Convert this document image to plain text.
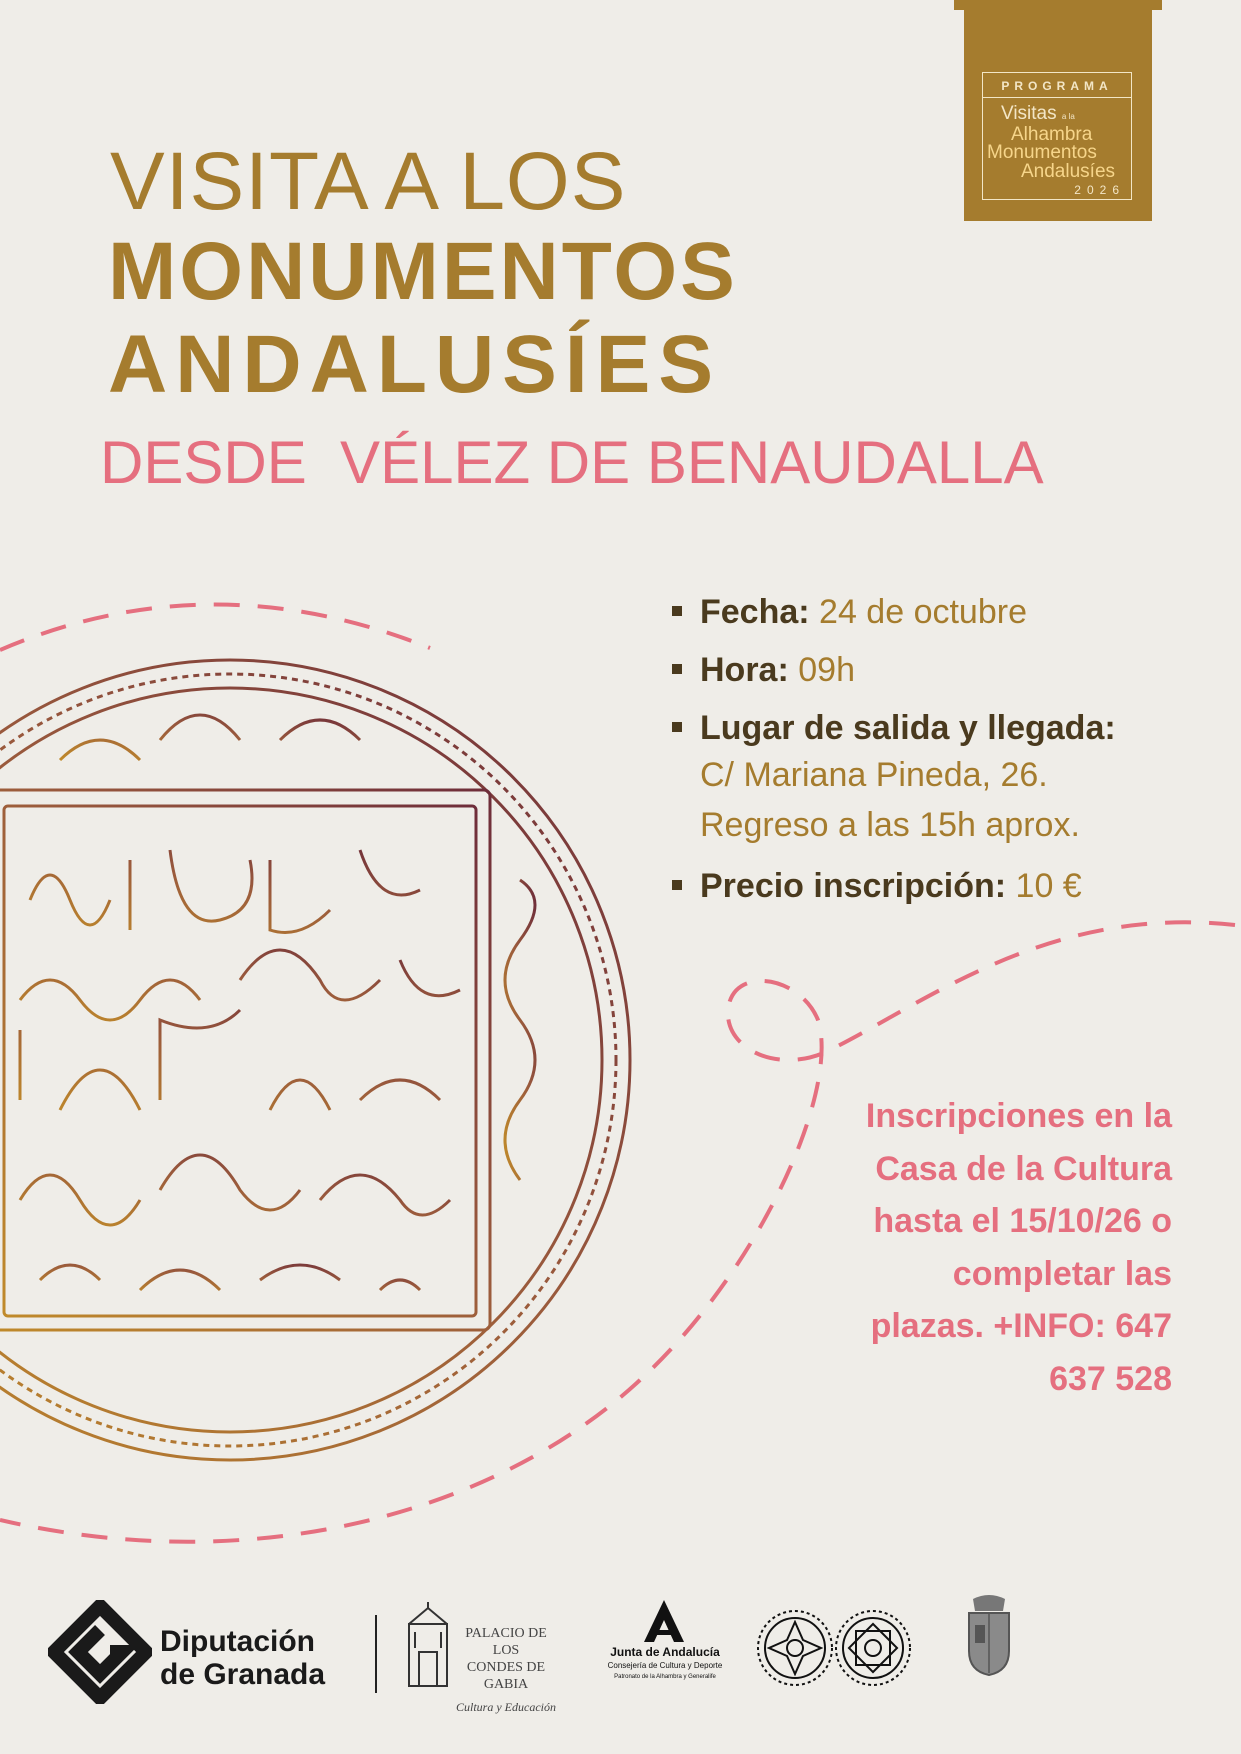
PROGRAMA
Visitas a la
Alhambra
Monumentos
Andalusíes
2026
VISITA A LOS
MONUMENTOS
ANDALUSÍES
DESDE  VÉLEZ DE BENAUDALLA
Fecha: 24 de octubre
Hora: 09h
Lugar de salida y llegada:
C/ Mariana Pineda, 26.
Regreso a las 15h aprox.
Precio inscripción: 10 €
Inscripciones en la
Casa de la Cultura
hasta el 15/10/26 o
completar las
plazas. +INFO: 647
637 528
Diputación
de Granada
PALACIO DE LOS
CONDES DE GABIA
Cultura y Educación
Junta de Andalucía
Consejería de Cultura y Deporte
Patronato de la Alhambra y Generalife
